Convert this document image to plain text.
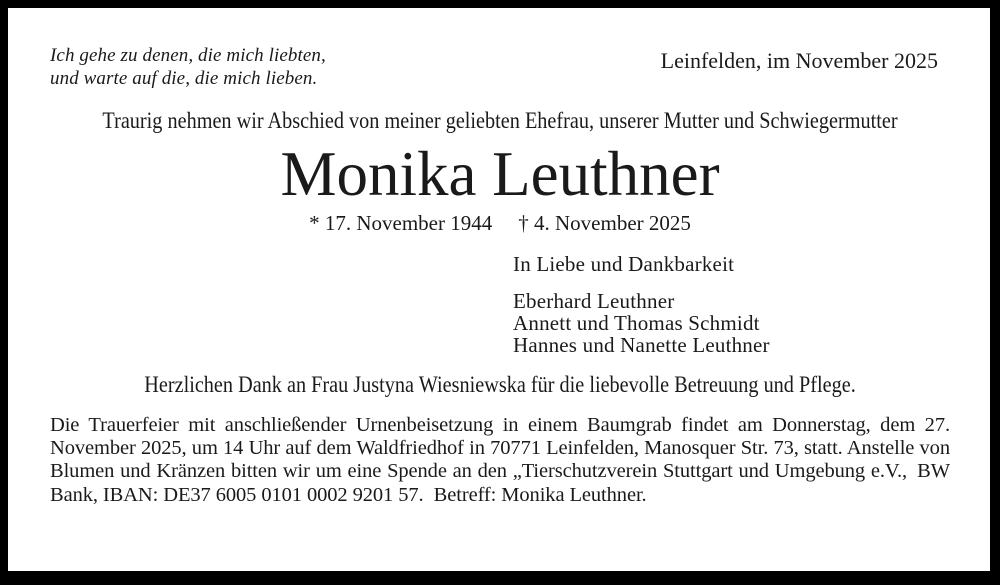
Ich gehe zu denen, die mich liebten,
und warte auf die, die mich lieben.
Leinfelden, im November 2025
Traurig nehmen wir Abschied von meiner geliebten Ehefrau, unserer Mutter und Schwiegermutter
Monika Leuthner
* 17. November 1944 † 4. November 2025
In Liebe und Dankbarkeit
Eberhard Leuthner
Annett und Thomas Schmidt
Hannes und Nanette Leuthner
Herzlichen Dank an Frau Justyna Wiesniewska für die liebevolle Betreuung und Pflege.

Die Trauerfeier mit anschließender Urnenbeisetzung in einem Baumgrab findet am Donnerstag, dem 27. November 2025, um 14 Uhr auf dem Waldfriedhof in 70771 Leinfelden, Manosquer Str. 73, statt. Anstelle von Blumen und Kränzen bitten wir um eine Spende an den „Tierschutzverein Stuttgart und Umgebung e.V., BW Bank, IBAN: DE37 6005 0101 0002 9201 57. Betreff: Monika Leuthner.
